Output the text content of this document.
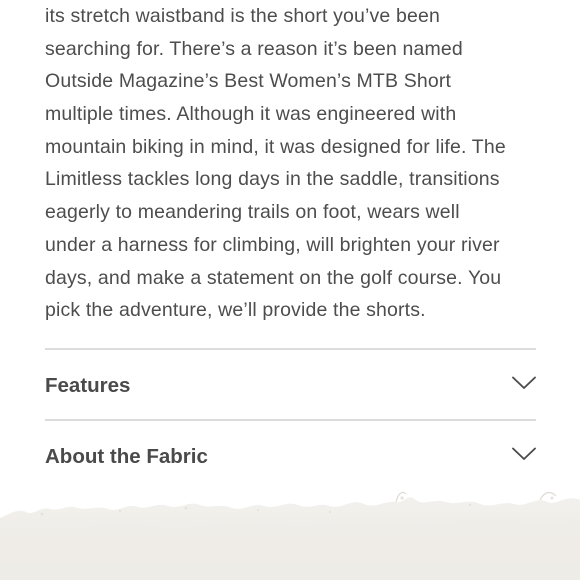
its stretch waistband is the short you’ve been
searching for. There’s a reason it’s been named
Outside Magazine’s Best Women’s MTB Short
multiple times. Although it was engineered with
mountain biking in mind, it was designed for life. The
Limitless tackles long days in the saddle, transitions
eagerly to meandering trails on foot, wears well
under a harness for climbing, will brighten your river
days, and make a statement on the golf course. You
pick the adventure, we’ll provide the shorts.
Features
About the Fabric
